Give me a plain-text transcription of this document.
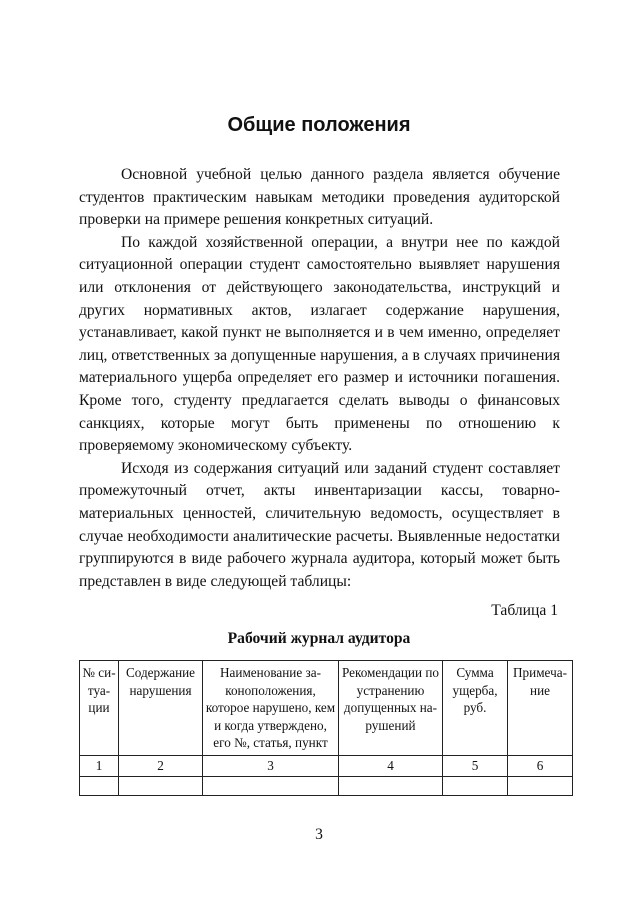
Общие положения

Основной учебной целью данного раздела является обучение студентов практическим навыкам методики проведения аудиторской проверки на примере решения конкретных ситуаций.

По каждой хозяйственной операции, а внутри нее по каждой ситуационной операции студент самостоятельно выявляет нарушения или отклонения от действующего законодательства, инструкций и других нормативных актов, излагает содержание нарушения, устанавливает, какой пункт не выполняется и в чем именно, определяет лиц, ответственных за допущенные нарушения, а в случаях причинения материального ущерба определяет его размер и источники погашения. Кроме того, студенту предлагается сделать выводы о финансовых санкциях, которые могут быть применены по отношению к проверяемому экономическому субъекту.

Исходя из содержания ситуаций или заданий студент составляет промежуточный отчет, акты инвентаризации кассы, товарно-материальных ценностей, сличительную ведомость, осуществляет в случае необходимости аналитические расчеты. Выявленные недостатки группируются в виде рабочего журнала аудитора, который может быть представлен в виде следующей таблицы:

Таблица 1

Рабочий журнал аудитора

№ ситуации	Содержание нарушения	Наименование законоположения, которое нарушено, кем и когда утверждено, его №, статья, пункт	Рекомендации по устранению допущенных нарушений	Сумма ущерба, руб.	Примечание
1	2	3	4	5	6

3
